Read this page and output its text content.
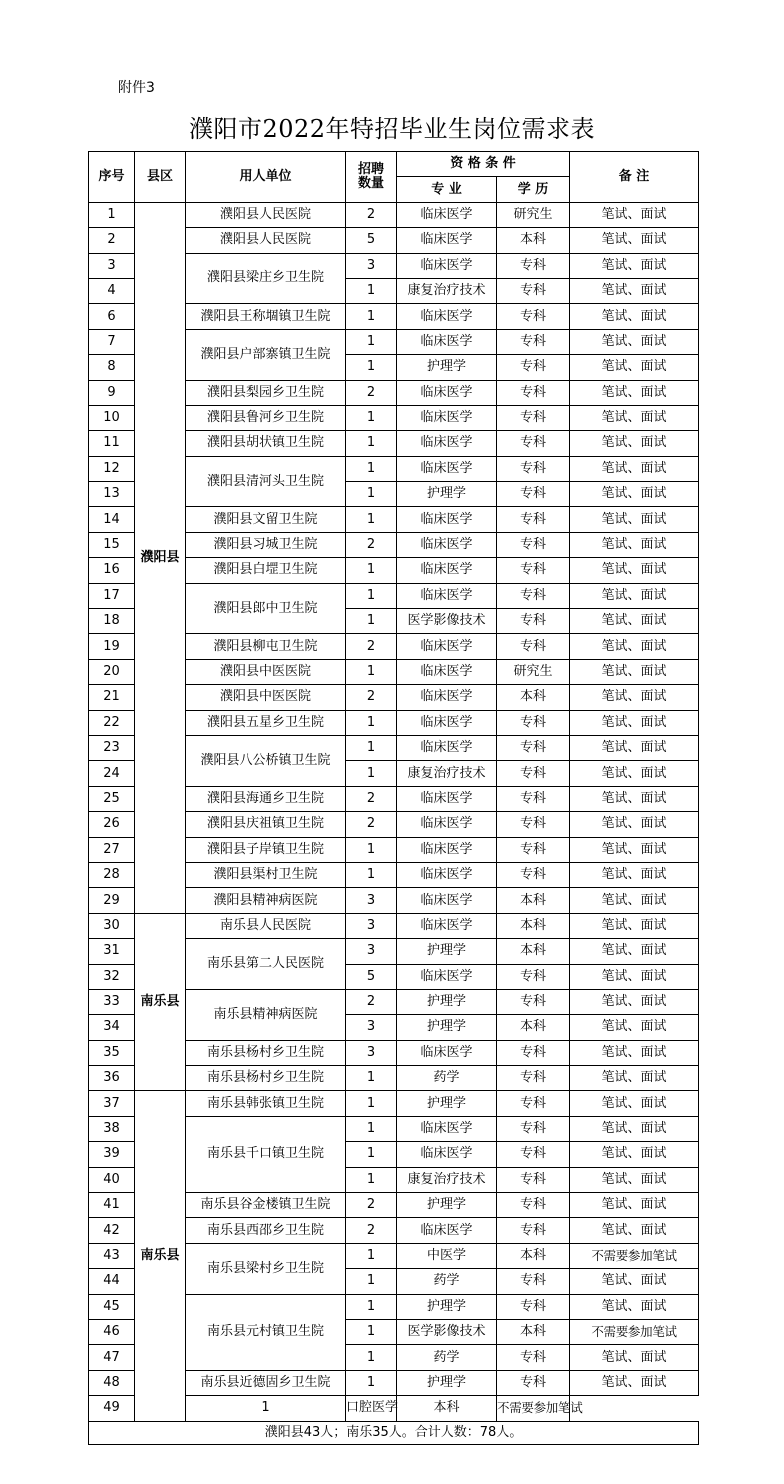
附件3
濮阳市2022年特招毕业生岗位需求表
序号	县区	用人单位	招聘
数量	资 格 条 件		备 注
				专 业	学 历	
1	濮阳县	濮阳县人民医院	2	临床医学	研究生	笔试、面试
2		濮阳县人民医院	5	临床医学	本科	笔试、面试
3		濮阳县梁庄乡卫生院	3	临床医学	专科	笔试、面试
4			1	康复治疗技术	专科	笔试、面试
6		濮阳县王称堌镇卫生院	1	临床医学	专科	笔试、面试
7		濮阳县户部寨镇卫生院	1	临床医学	专科	笔试、面试
8			1	护理学	专科	笔试、面试
9		濮阳县梨园乡卫生院	2	临床医学	专科	笔试、面试
10		濮阳县鲁河乡卫生院	1	临床医学	专科	笔试、面试
11		濮阳县胡状镇卫生院	1	临床医学	专科	笔试、面试
12		濮阳县清河头卫生院	1	临床医学	专科	笔试、面试
13			1	护理学	专科	笔试、面试
14		濮阳县文留卫生院	1	临床医学	专科	笔试、面试
15		濮阳县习城卫生院	2	临床医学	专科	笔试、面试
16		濮阳县白堽卫生院	1	临床医学	专科	笔试、面试
17		濮阳县郎中卫生院	1	临床医学	专科	笔试、面试
18			1	医学影像技术	专科	笔试、面试
19		濮阳县柳屯卫生院	2	临床医学	专科	笔试、面试
20		濮阳县中医医院	1	临床医学	研究生	笔试、面试
21		濮阳县中医医院	2	临床医学	本科	笔试、面试
22		濮阳县五星乡卫生院	1	临床医学	专科	笔试、面试
23		濮阳县八公桥镇卫生院	1	临床医学	专科	笔试、面试
24			1	康复治疗技术	专科	笔试、面试
25		濮阳县海通乡卫生院	2	临床医学	专科	笔试、面试
26		濮阳县庆祖镇卫生院	2	临床医学	专科	笔试、面试
27		濮阳县子岸镇卫生院	1	临床医学	专科	笔试、面试
28		濮阳县渠村卫生院	1	临床医学	专科	笔试、面试
29		濮阳县精神病医院	3	临床医学	本科	笔试、面试
30	南乐县	南乐县人民医院	3	临床医学	本科	笔试、面试
31		南乐县第二人民医院	3	护理学	本科	笔试、面试
32			5	临床医学	专科	笔试、面试
33		南乐县精神病医院	2	护理学	专科	笔试、面试
34			3	护理学	本科	笔试、面试
35		南乐县杨村乡卫生院	3	临床医学	专科	笔试、面试
36		南乐县杨村乡卫生院	1	药学	专科	笔试、面试
37	南乐县	南乐县韩张镇卫生院	1	护理学	专科	笔试、面试
38		南乐县千口镇卫生院	1	临床医学	专科	笔试、面试
39			1	临床医学	专科	笔试、面试
40			1	康复治疗技术	专科	笔试、面试
41		南乐县谷金楼镇卫生院	2	护理学	专科	笔试、面试
42		南乐县西邵乡卫生院	2	临床医学	专科	笔试、面试
43		南乐县梁村乡卫生院	1	中医学	本科	不需要参加笔试
44			1	药学	专科	笔试、面试
45		南乐县元村镇卫生院	1	护理学	专科	笔试、面试
46			1	医学影像技术	本科	不需要参加笔试
47			1	药学	专科	笔试、面试
48		南乐县近德固乡卫生院	1	护理学	专科	笔试、面试
49		1	口腔医学	本科	不需要参加笔试	
濮阳县43人；南乐35人。合计人数：78人。						
